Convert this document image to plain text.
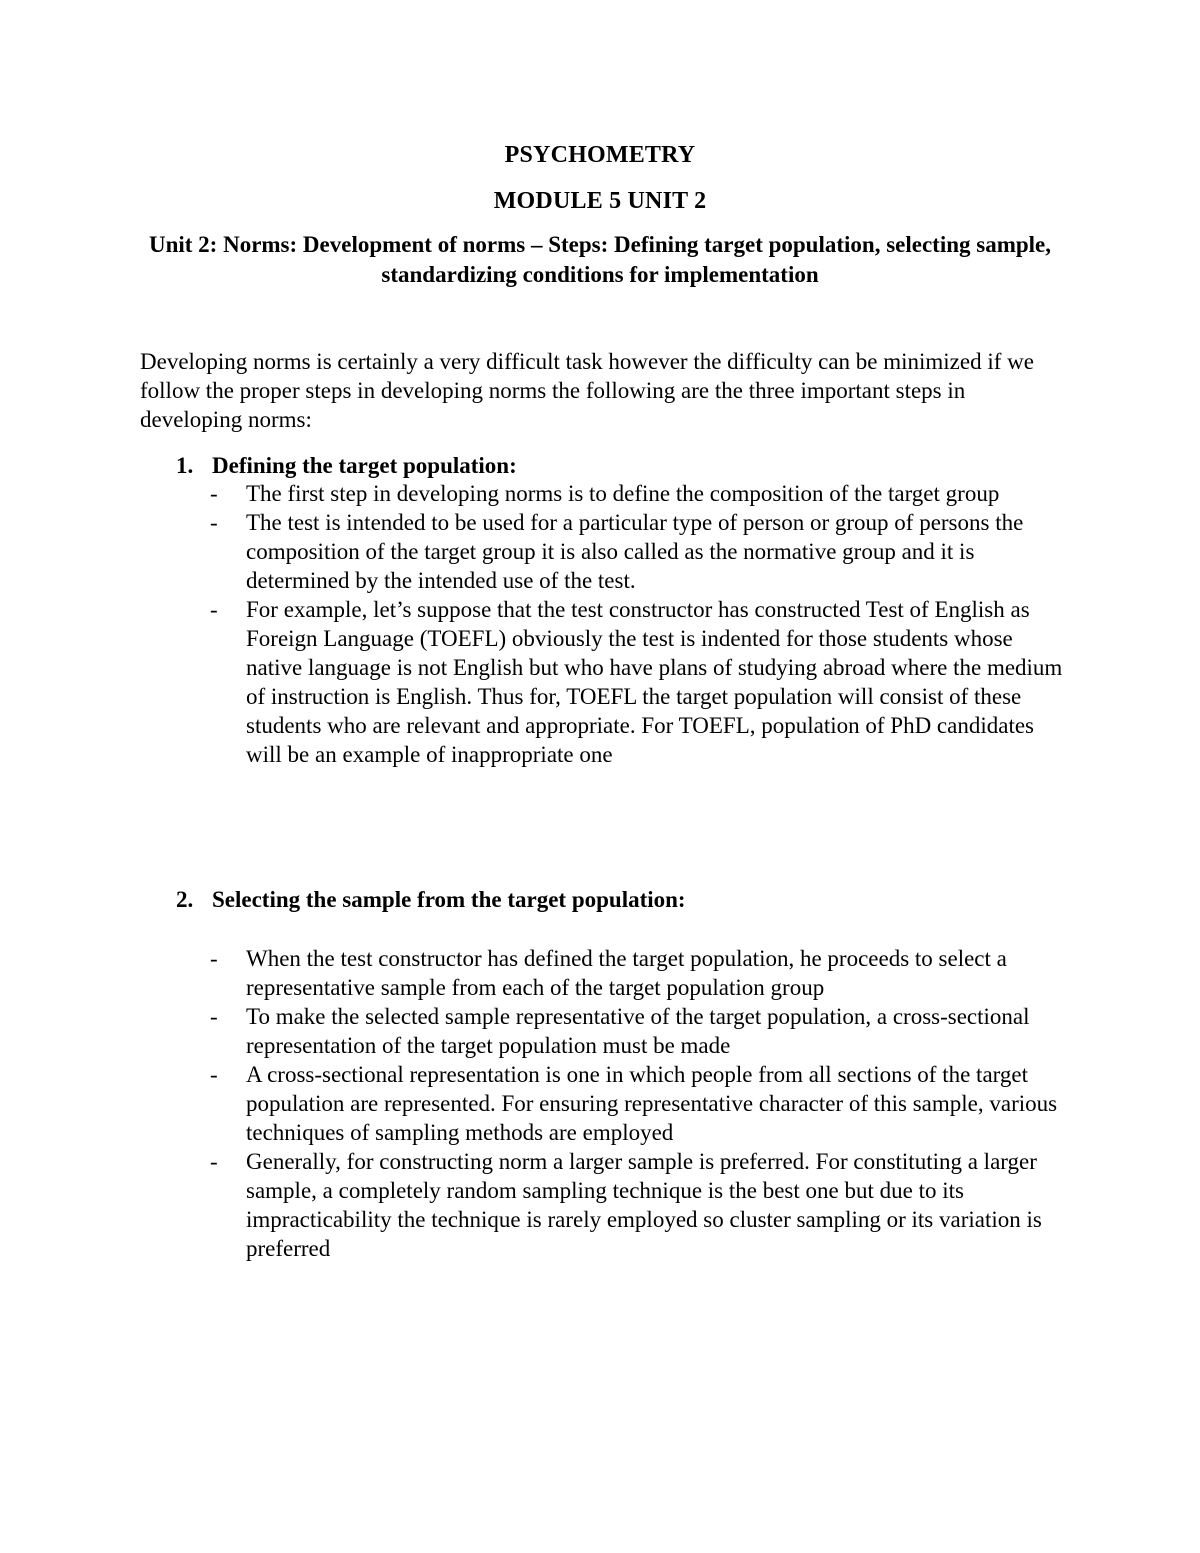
PSYCHOMETRY
MODULE 5 UNIT 2
Unit 2: Norms: Development of norms – Steps: Defining target population, selecting sample, standardizing conditions for implementation

Developing norms is certainly a very difficult task however the difficulty can be minimized if we follow the proper steps in developing norms the following are the three important steps in developing norms:

1. Defining the target population:
-	The first step in developing norms is to define the composition of the target group
-	The test is intended to be used for a particular type of person or group of persons the composition of the target group it is also called as the normative group and it is determined by the intended use of the test.
-	For example, let’s suppose that the test constructor has constructed Test of English as Foreign Language (TOEFL) obviously the test is indented for those students whose native language is not English but who have plans of studying abroad where the medium of instruction is English. Thus for, TOEFL the target population will consist of these students who are relevant and appropriate. For TOEFL, population of PhD candidates will be an example of inappropriate one
2. Selecting the sample from the target population:
-	When the test constructor has defined the target population, he proceeds to select a representative sample from each of the target population group
-	To make the selected sample representative of the target population, a cross-sectional representation of the target population must be made
-	A cross-sectional representation is one in which people from all sections of the target population are represented. For ensuring representative character of this sample, various techniques of sampling methods are employed
-	Generally, for constructing norm a larger sample is preferred. For constituting a larger sample, a completely random sampling technique is the best one but due to its impracticability the technique is rarely employed so cluster sampling or its variation is preferred
